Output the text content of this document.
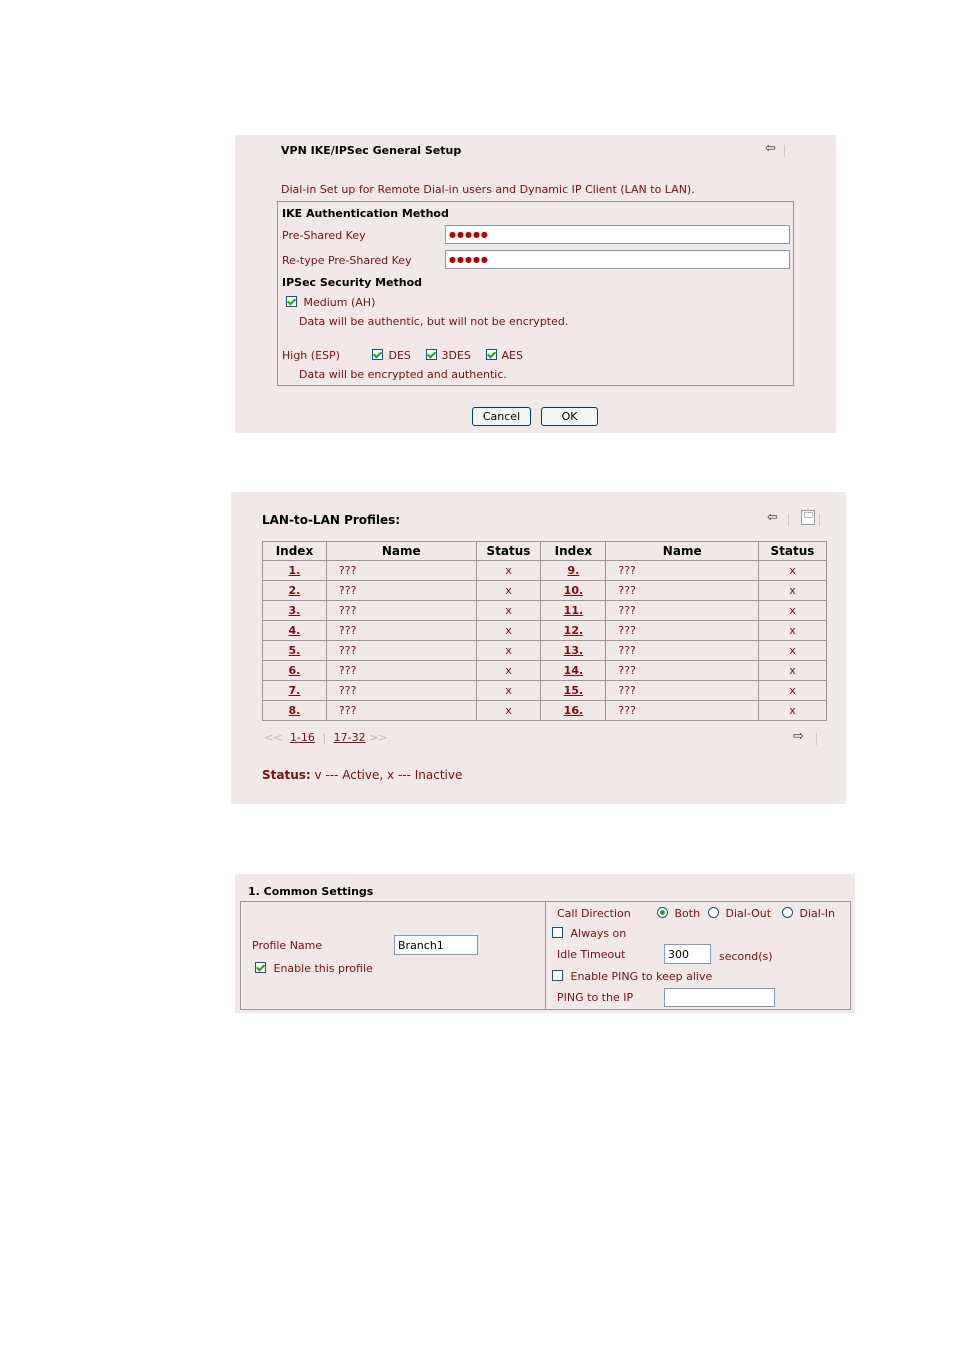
VPN IKE/IPSec General Setup	⇦
Dial-in Set up for Remote Dial-in users and Dynamic IP Client (LAN to LAN).
IKE Authentication Method
Pre-Shared Key
●●●●●
Re-type Pre-Shared Key
●●●●●
IPSec Security Method
Medium (AH)
Data will be authentic, but will not be encrypted.
High (ESP)	DES	3DES	AES
Data will be encrypted and authentic.
Cancel	OK
LAN-to-LAN Profiles:	⇦
Index	Name	Status	Index	Name	Status
1.	???	x	9.	???	x
2.	???	x	10.	???	x
3.	???	x	11.	???	x
4.	???	x	12.	???	x
5.	???	x	13.	???	x
6.	???	x	14.	???	x
7.	???	x	15.	???	x
8.	???	x	16.	???	x
<< 1-16 | 17-32 >>	⇨
Status: v --- Active, x --- Inactive
1. Common Settings
Profile Name
Branch1
Enable this profile
Call Direction	Both	Dial-Out	Dial-In
Always on
Idle Timeout
300	second(s)
Enable PING to keep alive
PING to the IP
